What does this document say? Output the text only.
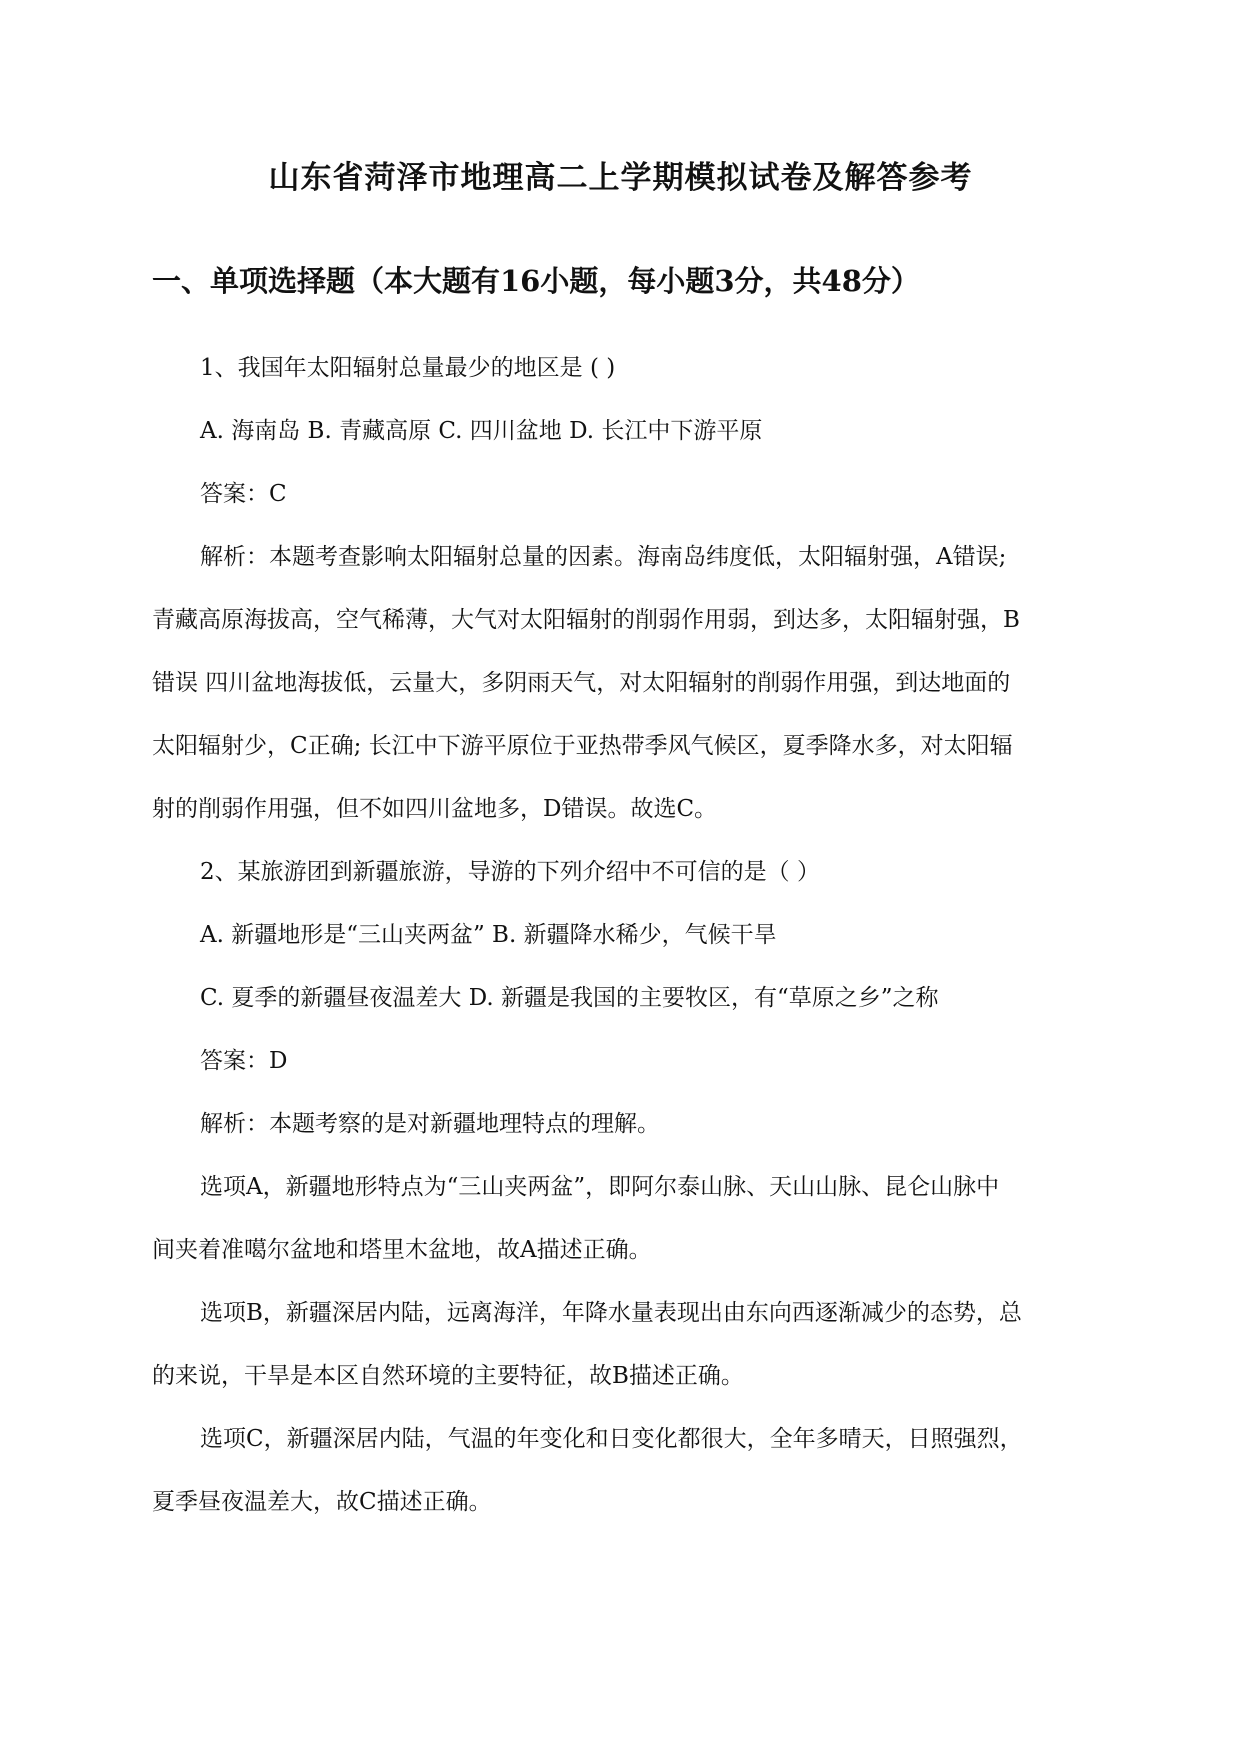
山东省菏泽市地理高二上学期模拟试卷及解答参考
一、单项选择题（本大题有16小题，每小题3分，共48分）
1、我国年太阳辐射总量最少的地区是 ( )
A. 海南岛 B. 青藏高原 C. 四川盆地 D. 长江中下游平原
答案：C
解析：本题考查影响太阳辐射总量的因素。海南岛纬度低，太阳辐射强，A错误;
青藏高原海拔高，空气稀薄，大气对太阳辐射的削弱作用弱，到达多，太阳辐射强，B
错误 四川盆地海拔低，云量大，多阴雨天气，对太阳辐射的削弱作用强，到达地面的
太阳辐射少，C正确; 长江中下游平原位于亚热带季风气候区，夏季降水多，对太阳辐
射的削弱作用强，但不如四川盆地多，D错误。故选C。
2、某旅游团到新疆旅游，导游的下列介绍中不可信的是（ ）
A. 新疆地形是“三山夹两盆” B. 新疆降水稀少，气候干旱
C. 夏季的新疆昼夜温差大 D. 新疆是我国的主要牧区，有“草原之乡”之称
答案：D
解析：本题考察的是对新疆地理特点的理解。
选项A，新疆地形特点为“三山夹两盆”，即阿尔泰山脉、天山山脉、昆仑山脉中
间夹着准噶尔盆地和塔里木盆地，故A描述正确。
选项B，新疆深居内陆，远离海洋，年降水量表现出由东向西逐渐减少的态势，总
的来说，干旱是本区自然环境的主要特征，故B描述正确。
选项C，新疆深居内陆，气温的年变化和日变化都很大，全年多晴天，日照强烈，
夏季昼夜温差大，故C描述正确。
